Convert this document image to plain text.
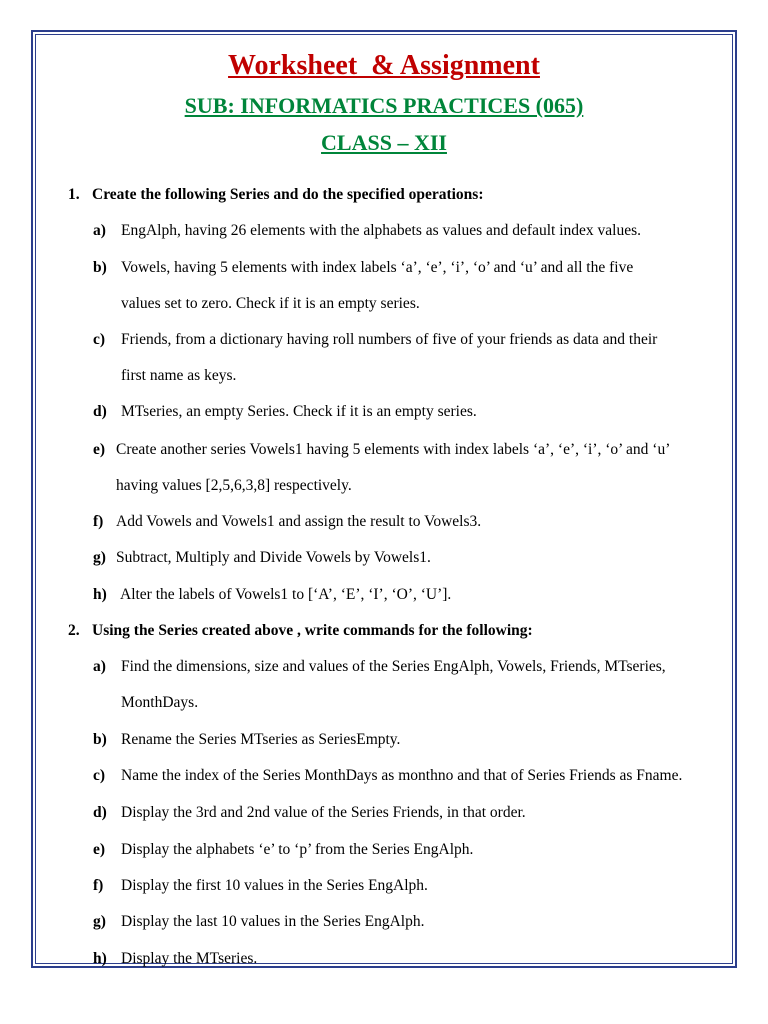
Worksheet  & Assignment
SUB: INFORMATICS PRACTICES (065)
CLASS – XII
1. Create the following Series and do the specified operations:
a) EngAlph, having 26 elements with the alphabets as values and default index values.
b) Vowels, having 5 elements with index labels ‘a’, ‘e’, ‘i’, ‘o’ and ‘u’ and all the five
values set to zero. Check if it is an empty series.
c) Friends, from a dictionary having roll numbers of five of your friends as data and their
first name as keys.
d) MTseries, an empty Series. Check if it is an empty series.
e) Create another series Vowels1 having 5 elements with index labels ‘a’, ‘e’, ‘i’, ‘o’ and ‘u’
having values [2,5,6,3,8] respectively.
f) Add Vowels and Vowels1 and assign the result to Vowels3.
g) Subtract, Multiply and Divide Vowels by Vowels1.
h) Alter the labels of Vowels1 to [‘A’, ‘E’, ‘I’, ‘O’, ‘U’].
2. Using the Series created above , write commands for the following:
a) Find the dimensions, size and values of the Series EngAlph, Vowels, Friends, MTseries,
MonthDays.
b) Rename the Series MTseries as SeriesEmpty.
c) Name the index of the Series MonthDays as monthno and that of Series Friends as Fname.
d) Display the 3rd and 2nd value of the Series Friends, in that order.
e) Display the alphabets ‘e’ to ‘p’ from the Series EngAlph.
f) Display the first 10 values in the Series EngAlph.
g) Display the last 10 values in the Series EngAlph.
h) Display the MTseries.
